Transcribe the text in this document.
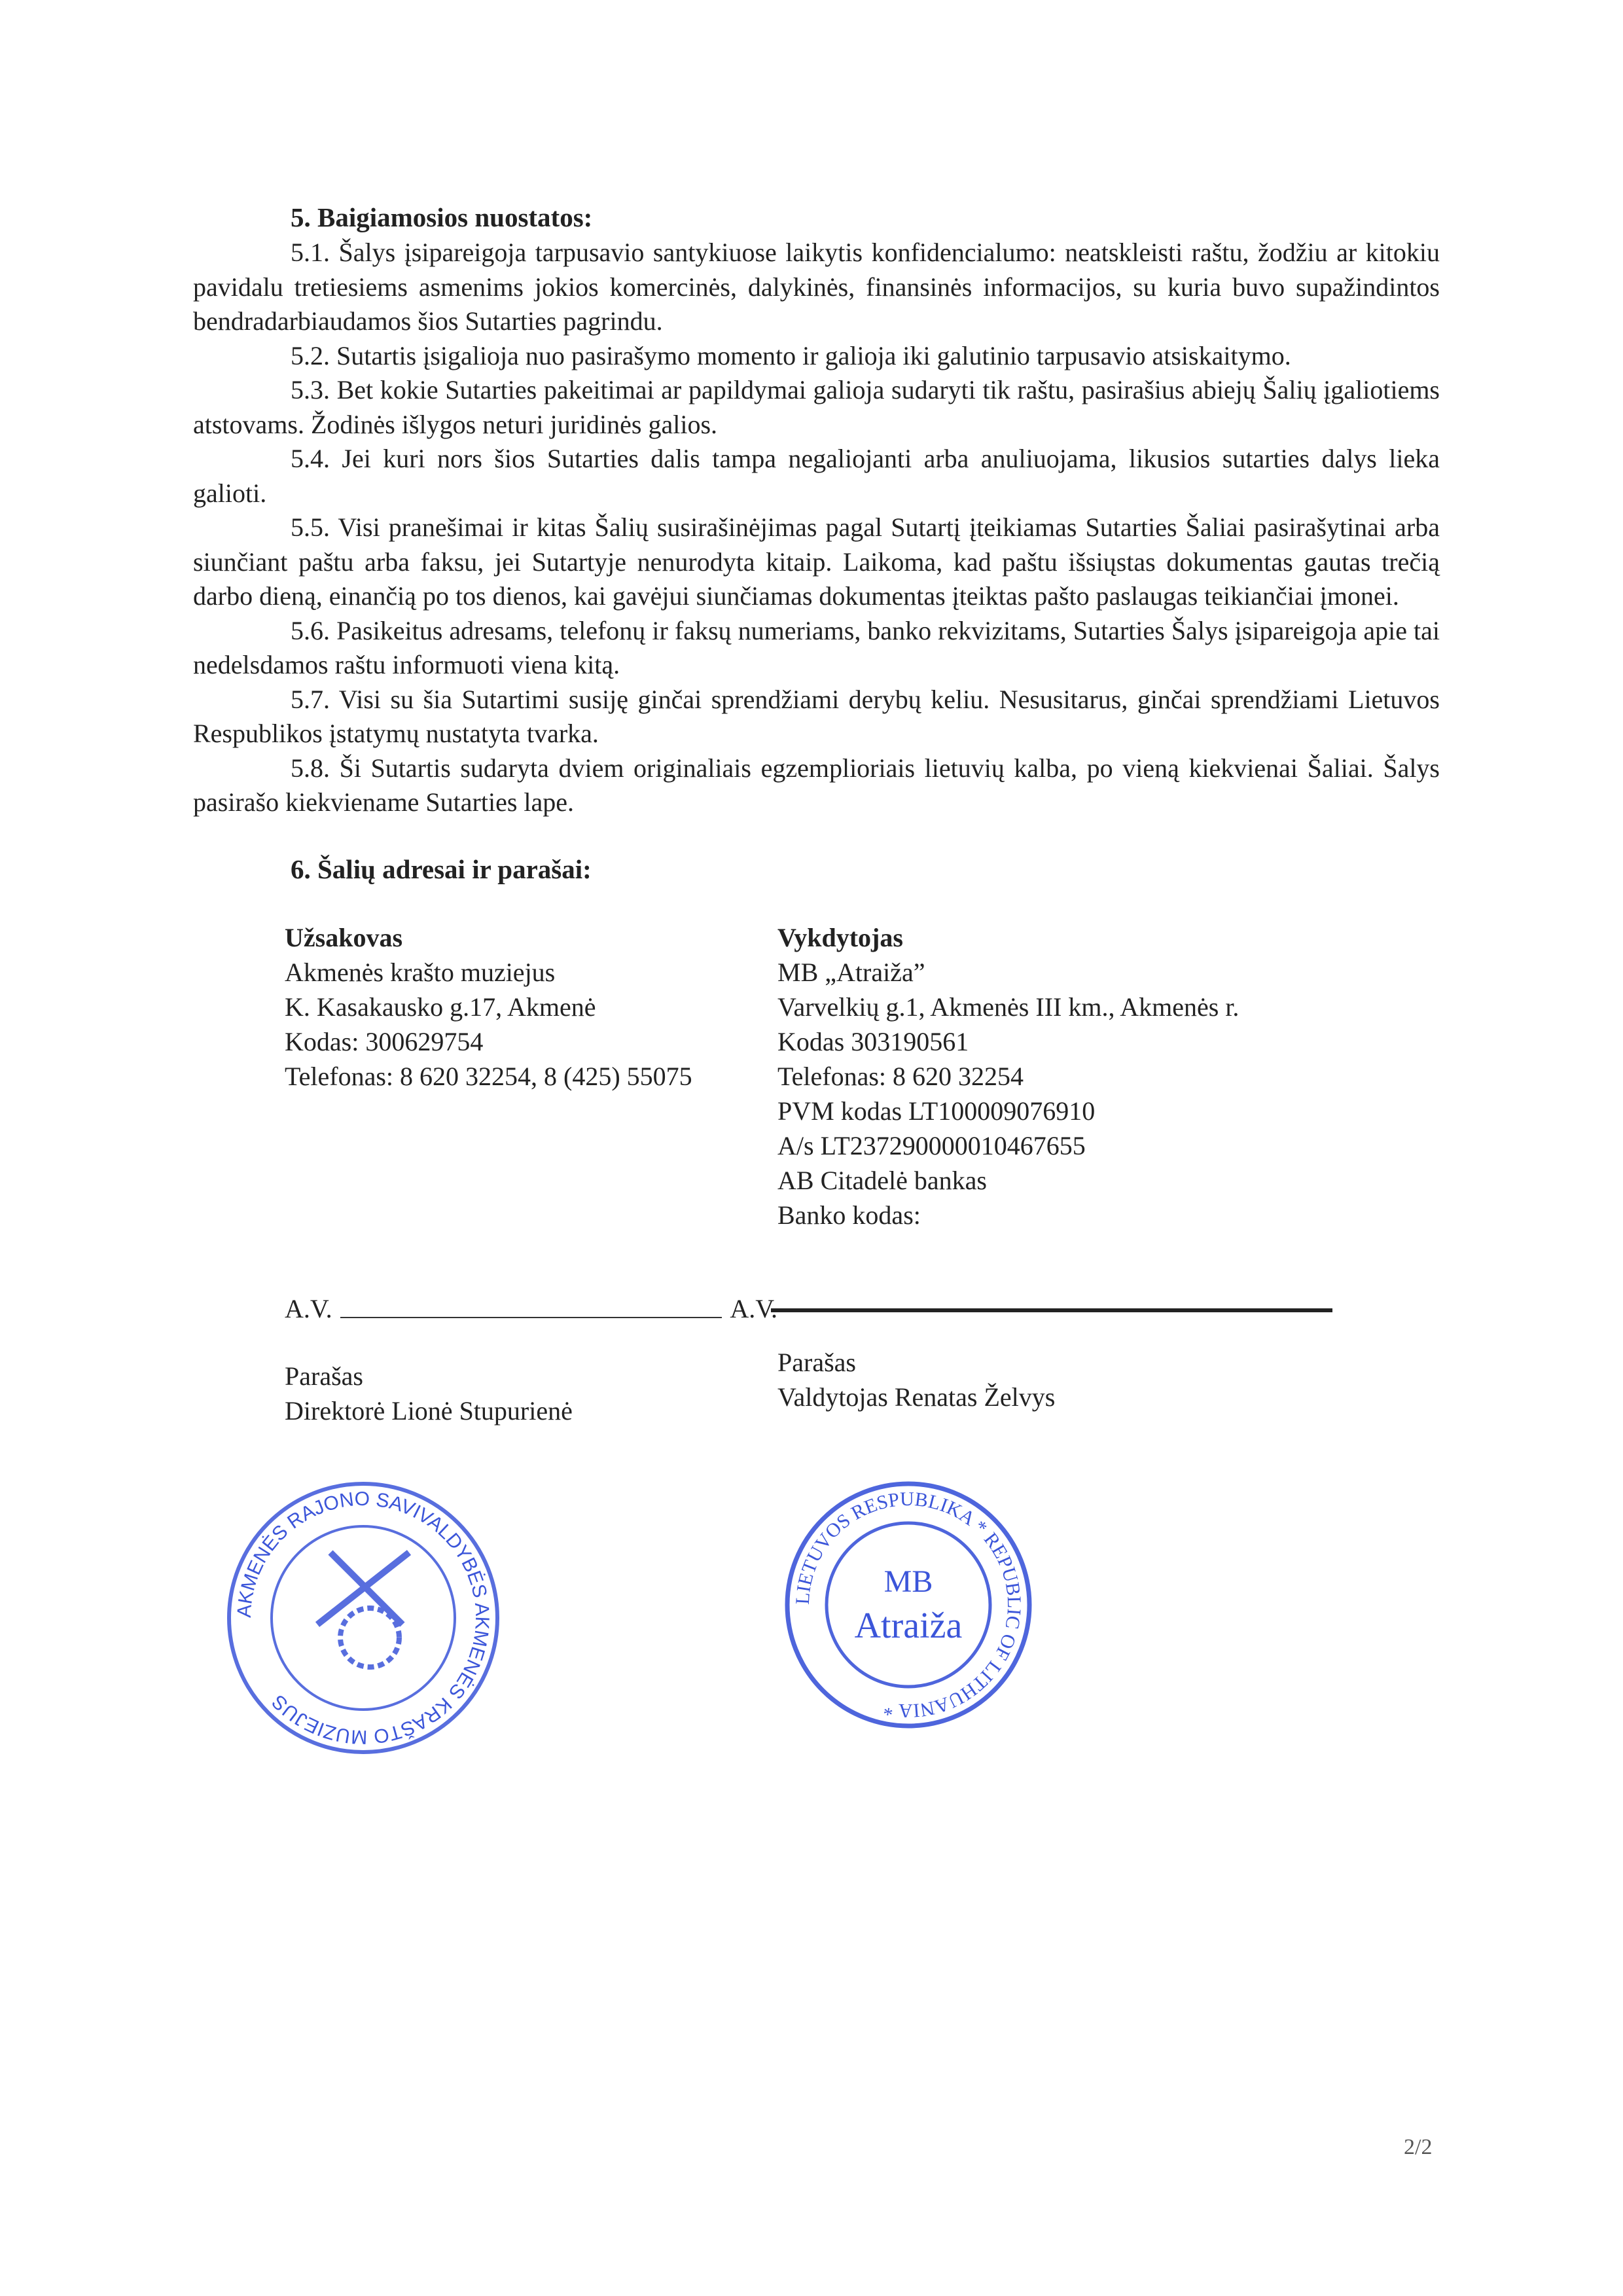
5. Baigiamosios nuostatos:

5.1. Šalys įsipareigoja tarpusavio santykiuose laikytis konfidencialumo: neatskleisti raštu, žodžiu ar kitokiu pavidalu tretiesiems asmenims jokios komercinės, dalykinės, finansinės informacijos, su kuria buvo supažindintos bendradarbiaudamos šios Sutarties pagrindu.

5.2. Sutartis įsigalioja nuo pasirašymo momento ir galioja iki galutinio tarpusavio atsiskaitymo.

5.3. Bet kokie Sutarties pakeitimai ar papildymai galioja sudaryti tik raštu, pasirašius abiejų Šalių įgaliotiems atstovams. Žodinės išlygos neturi juridinės galios.

5.4. Jei kuri nors šios Sutarties dalis tampa negaliojanti arba anuliuojama, likusios sutarties dalys lieka galioti.

5.5. Visi pranešimai ir kitas Šalių susirašinėjimas pagal Sutartį įteikiamas Sutarties Šaliai pasirašytinai arba siunčiant paštu arba faksu, jei Sutartyje nenurodyta kitaip. Laikoma, kad paštu išsiųstas dokumentas gautas trečią darbo dieną, einančią po tos dienos, kai gavėjui siunčiamas dokumentas įteiktas pašto paslaugas teikiančiai įmonei.

5.6. Pasikeitus adresams, telefonų ir faksų numeriams, banko rekvizitams, Sutarties Šalys įsipareigoja apie tai nedelsdamos raštu informuoti viena kitą.

5.7. Visi su šia Sutartimi susiję ginčai sprendžiami derybų keliu. Nesusitarus, ginčai sprendžiami Lietuvos Respublikos įstatymų nustatyta tvarka.

5.8. Ši Sutartis sudaryta dviem originaliais egzemplioriais lietuvių kalba, po vieną kiekvienai Šaliai. Šalys pasirašo kiekviename Sutarties lape.

6. Šalių adresai ir parašai:
Užsakovas
Akmenės krašto muziejus
K. Kasakausko g.17, Akmenė
Kodas: 300629754
Telefonas: 8 620 32254, 8 (425) 55075
Vykdytojas
MB „Atraiža”
Varvelkių g.1, Akmenės III km., Akmenės r.
Kodas 303190561
Telefonas: 8 620 32254
PVM kodas LT100009076910
A/s LT237290000010467655
AB Citadelė bankas
Banko kodas:
A.V.	A.V.
Parašas
Direktorė Lionė Stupurienė
Parašas
Valdytojas Renatas Želvys
AKMENĖS RAJONO SAVIVALDYBĖS AKMENĖS KRAŠTO MUZIEJUS
LIETUVOS RESPUBLIKA * REPUBLIC OF LITHUANIA *
MB
Atraiža
2/2
